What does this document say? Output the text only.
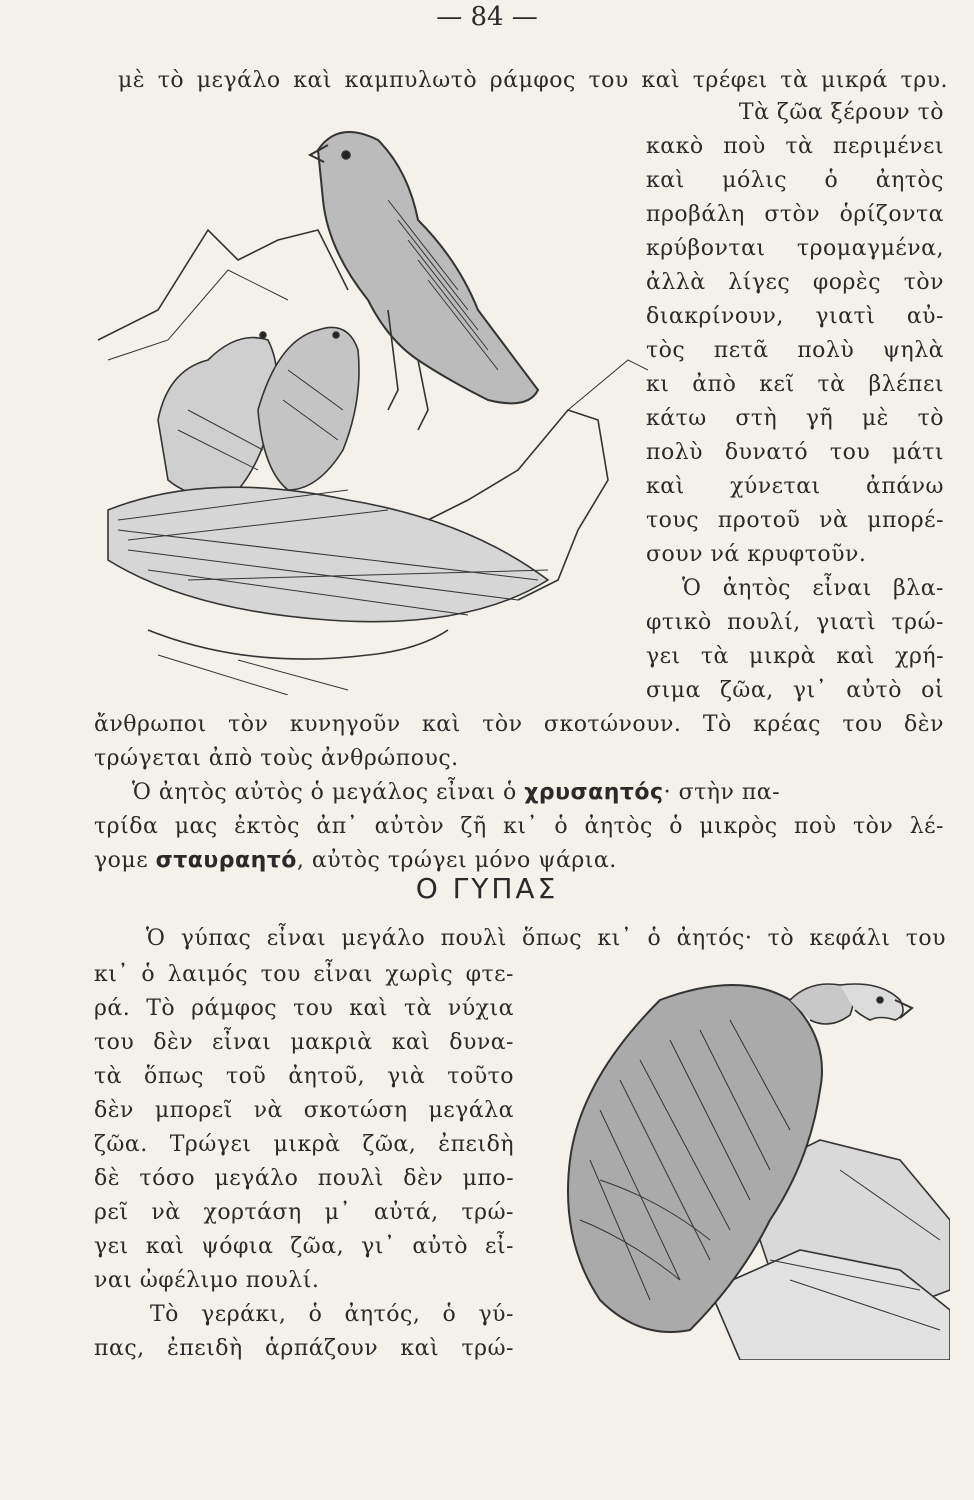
— 84 —
μὲ τὸ μεγάλο καὶ καμπυλωτὸ ράμφος του καὶ τρέφει τὰ μικρά τρυ.
Τὰ ζῶα ξέρουν τὸ
κακὸ ποὺ τὰ περιμένει
καὶ μόλις ὁ ἀητὸς
προβάλη στὸν ὁρίζοντα
κρύβονται τρομαγμένα,
ἀλλὰ λίγες φορὲς τὸν
διακρίνουν, γιατὶ αὐ-
τὸς πετᾶ πολὺ ψηλὰ
κι ἀπὸ κεῖ τὰ βλέπει
κάτω στὴ γῆ μὲ τὸ
πολὺ δυνατό του μάτι
καὶ χύνεται ἀπάνω
τους προτοῦ νὰ μπορέ-
σουν νά κρυφτοῦν.
Ὁ ἀητὸς εἶναι βλα-
φτικὸ πουλί, γιατὶ τρώ-
γει τὰ μικρὰ καὶ χρή-
σιμα ζῶα, γι᾽ αὐτὸ οἱ
ἄνθρωποι τὸν κυνηγοῦν καὶ τὸν σκοτώνουν. Τὸ κρέας του δὲν
τρώγεται ἀπὸ τοὺς ἀνθρώπους.
Ὁ ἀητὸς αὐτὸς ὁ μεγάλος εἶναι ὁ χρυσαητός· στὴν πα-
τρίδα μας ἐκτὸς ἀπ᾽ αὐτὸν ζῆ κι᾽ ὁ ἀητὸς ὁ μικρὸς ποὺ τὸν λέ-
γομε σταυραητό, αὐτὸς τρώγει μόνο ψάρια.
Ο ΓΥΠΑΣ
Ὁ γύπας εἶναι μεγάλο πουλὶ ὅπως κι᾽ ὁ ἀητός· τὸ κεφάλι του
κι᾽ ὁ λαιμός του εἶναι χωρὶς φτε-
ρά. Τὸ ράμφος του καὶ τὰ νύχια
του δὲν εἶναι μακριὰ καὶ δυνα-
τὰ ὅπως τοῦ ἀητοῦ, γιὰ τοῦτο
δὲν μπορεῖ νὰ σκοτώση μεγάλα
ζῶα. Τρώγει μικρὰ ζῶα, ἐπειδὴ
δὲ τόσο μεγάλο πουλὶ δὲν μπο-
ρεῖ νὰ χορτάση μ᾽ αὐτά, τρώ-
γει καὶ ψόφια ζῶα, γι᾽ αὐτὸ εἶ-
ναι ὠφέλιμο πουλί.
Τὸ γεράκι, ὁ ἀητός, ὁ γύ-
πας, ἐπειδὴ ἁρπάζουν καὶ τρώ-
